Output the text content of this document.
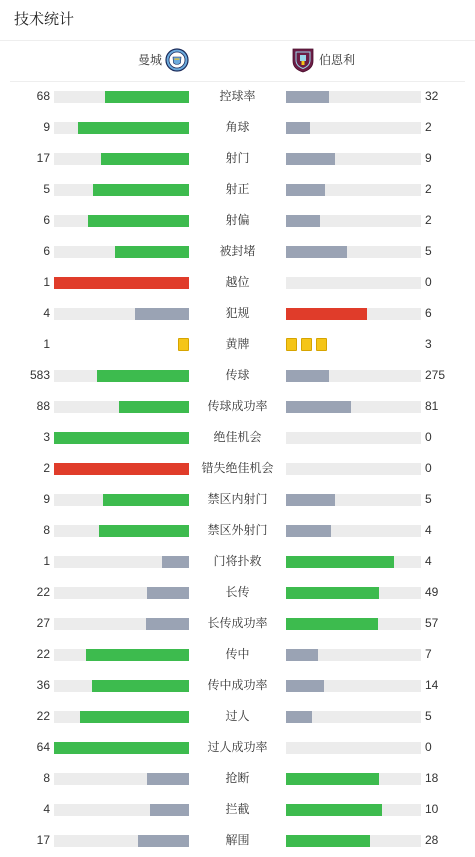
技术统计
曼城	伯恩利
68	控球率	32
9	角球	2
17	射门	9
5	射正	2
6	射偏	2
6	被封堵	5
1	越位	0
4	犯规	6
1	黄牌	3
583	传球	275
88	传球成功率	81
3	绝佳机会	0
2	错失绝佳机会	0
9	禁区内射门	5
8	禁区外射门	4
1	门将扑救	4
22	长传	49
27	长传成功率	57
22	传中	7
36	传中成功率	14
22	过人	5
64	过人成功率	0
8	抢断	18
4	拦截	10
17	解围	28
